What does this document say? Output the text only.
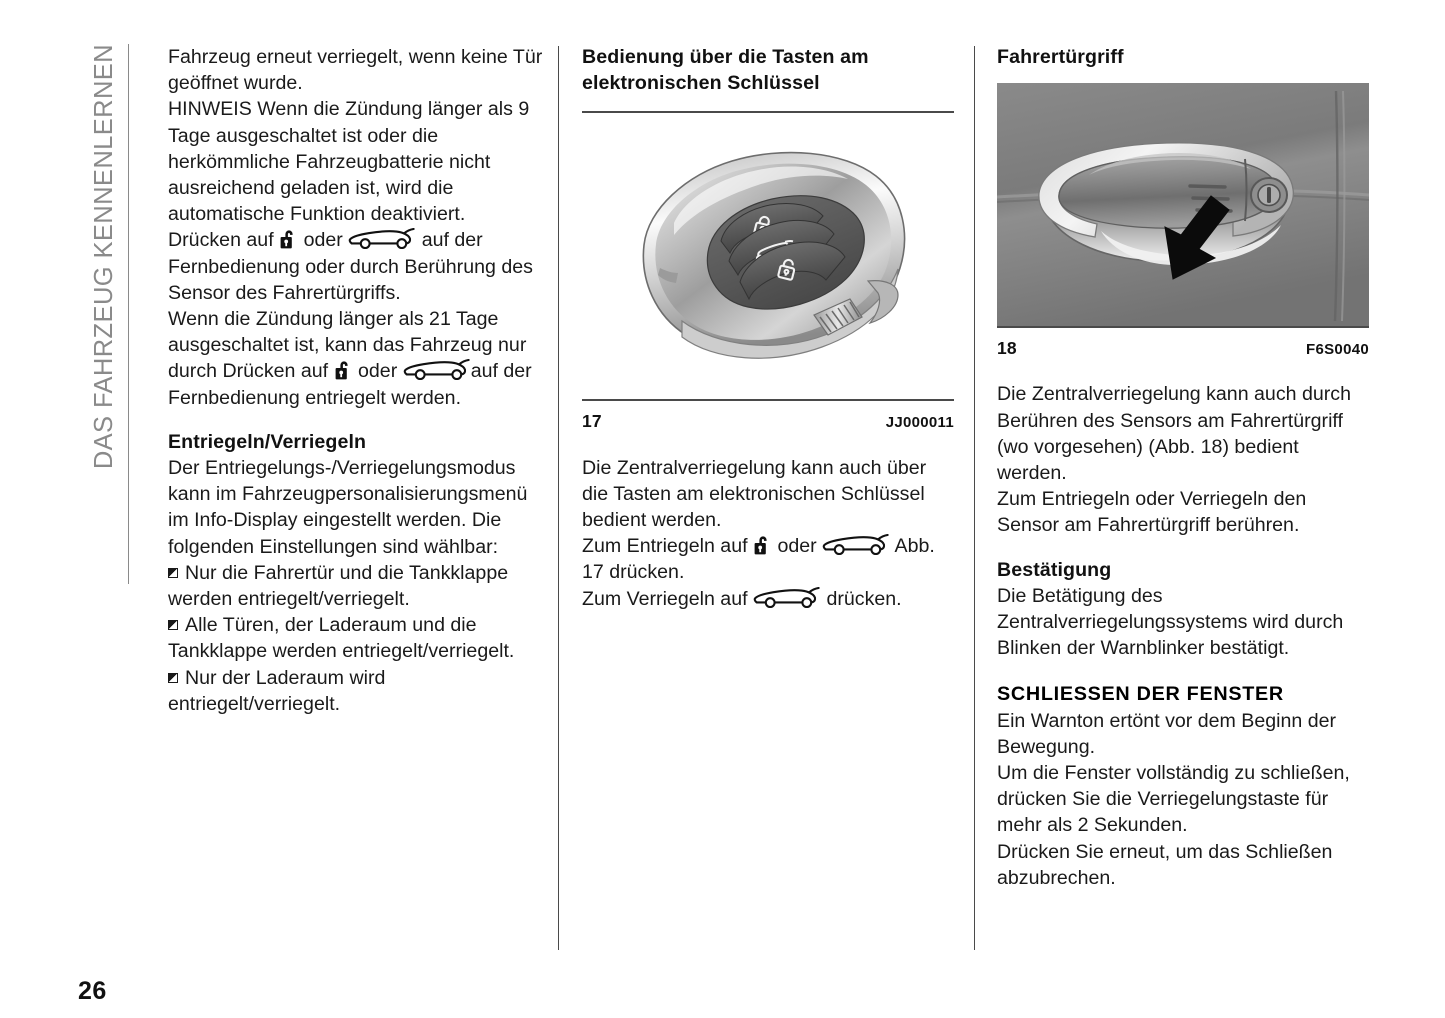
DAS FAHRZEUG KENNENLERNEN	Fahrzeug erneut verriegelt, wenn keine Tür geöffnet wurde.

HINWEIS Wenn die Zündung länger als 9 Tage ausgeschaltet ist oder die herkömmliche Fahrzeugbatterie nicht ausreichend geladen ist, wird die automatische Funktion deaktiviert.

Drücken auf oder	auf der Fernbedienung oder durch Berührung des Sensor des Fahrertürgriffs.

Wenn die Zündung länger als 21 Tage ausgeschaltet ist, kann das Fahrzeug nur durch Drücken auf oder	auf der Fernbedienung entriegelt werden.

Entriegeln/Verriegeln

Der Entriegelungs-/Verriegelungsmodus kann im Fahrzeugpersonalisierungsmenü im Info-Display eingestellt werden. Die folgenden Einstellungen sind wählbar:

Nur die Fahrertür und die Tankklappe werden entriegelt/verriegelt.
Alle Türen, der Laderaum und die Tankklappe werden entriegelt/verriegelt.
Nur der Laderaum wird entriegelt/verriegelt.
Bedienung über die Tasten am elektronischen Schlüssel
17	JJ000011

Die Zentralverriegelung kann auch über die Tasten am elektronischen Schlüssel bedient werden.

Zum Entriegeln auf oder	Abb. 17 drücken.

Zum Verriegeln auf	drücken.

Fahrertürgriff
18	F6S0040

Die Zentralverriegelung kann auch durch Berühren des Sensors am Fahrertürgriff (wo vorgesehen) (Abb. 18) bedient werden.

Zum Entriegeln oder Verriegeln den Sensor am Fahrertürgriff berühren.

Bestätigung

Die Betätigung des Zentralverriegelungssystems wird durch Blinken der Warnblinker bestätigt.

SCHLIESSEN DER FENSTER

Ein Warnton ertönt vor dem Beginn der Bewegung.

Um die Fenster vollständig zu schließen, drücken Sie die Verriegelungstaste für mehr als 2 Sekunden.

Drücken Sie erneut, um das Schließen abzubrechen.

26
